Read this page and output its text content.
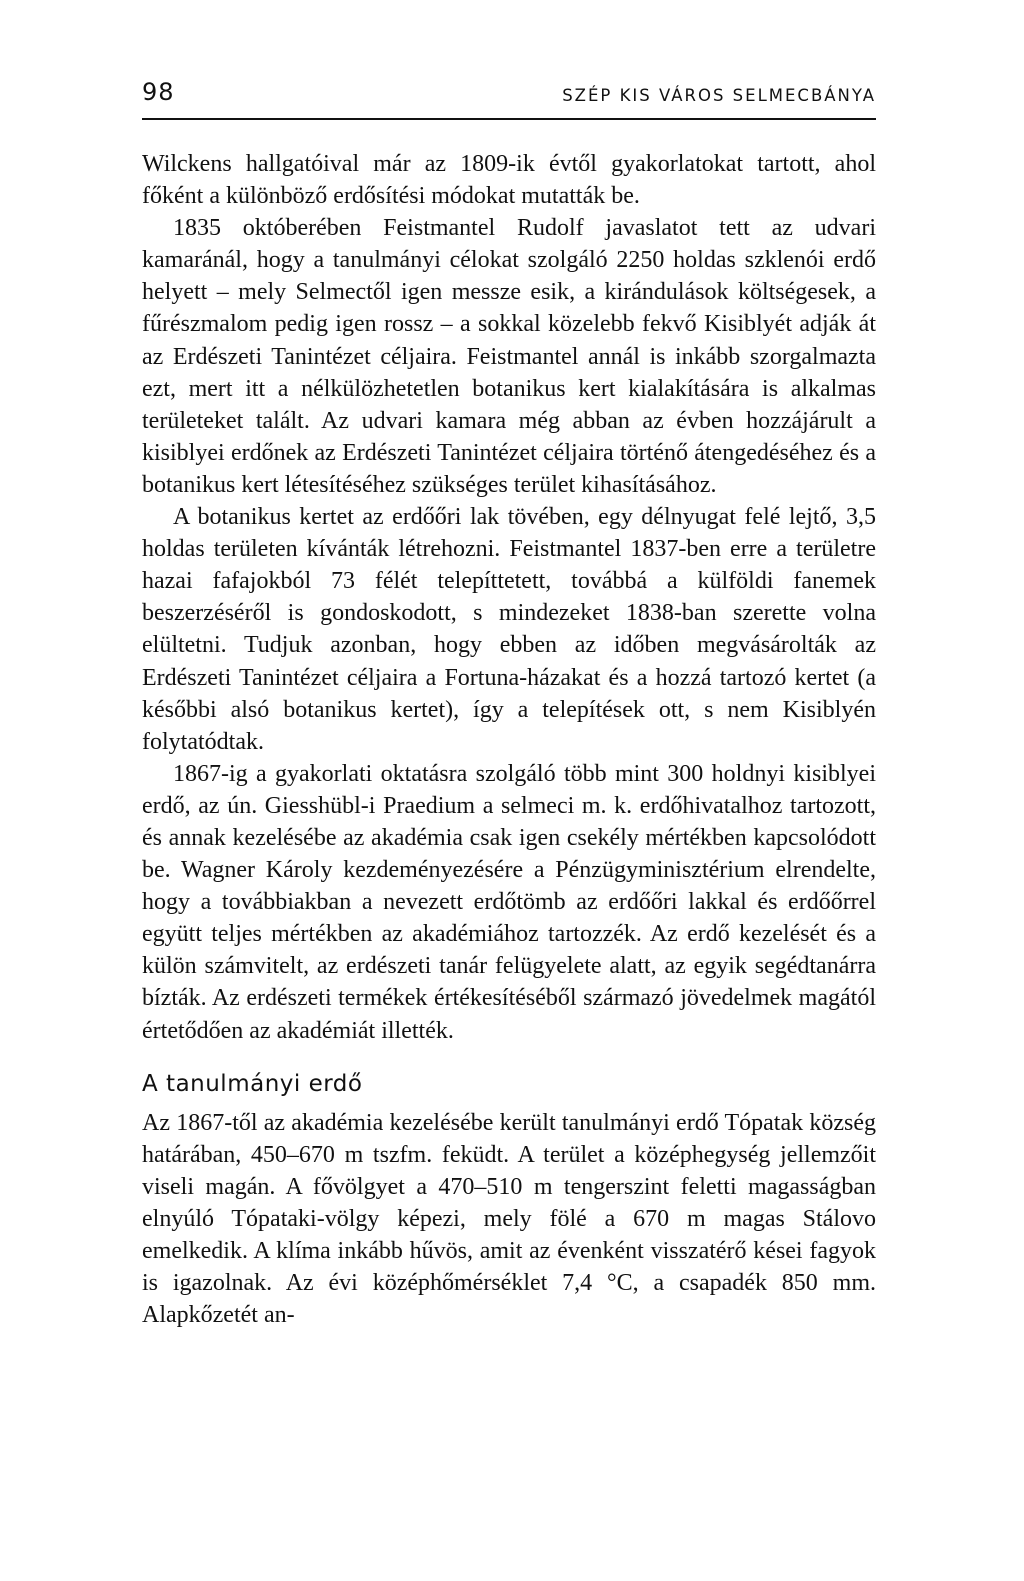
98	SZÉP KIS VÁROS SELMECBÁNYA

Wilckens hallgatóival már az 1809-ik évtől gyakorlatokat tartott, ahol főként a különböző erdősítési módokat mutatták be.

1835 októberében Feistmantel Rudolf javaslatot tett az udvari kamaránál, hogy a tanulmányi célokat szolgáló 2250 holdas szklenói erdő helyett – mely Selmectől igen messze esik, a kirándulások költségesek, a fűrészmalom pedig igen rossz – a sokkal közelebb fekvő Kisiblyét adják át az Erdészeti Tanintézet céljaira. Feistmantel annál is inkább szorgalmazta ezt, mert itt a nélkülözhetetlen botanikus kert kialakítására is alkalmas területeket talált. Az udvari kamara még abban az évben hozzájárult a kisiblyei erdőnek az Erdészeti Tanintézet céljaira történő átengedéséhez és a botanikus kert létesítéséhez szükséges terület kihasításához.

A botanikus kertet az erdőőri lak tövében, egy délnyugat felé lejtő, 3,5 holdas területen kívánták létrehozni. Feistmantel 1837-ben erre a területre hazai fafajokból 73 félét telepíttetett, továbbá a külföldi fanemek beszerzéséről is gondoskodott, s mindezeket 1838-ban szerette volna elültetni. Tudjuk azonban, hogy ebben az időben megvásárolták az Erdészeti Tanintézet céljaira a Fortuna-házakat és a hozzá tartozó kertet (a későbbi alsó botanikus kertet), így a telepítések ott, s nem Kisiblyén folytatódtak.

1867-ig a gyakorlati oktatásra szolgáló több mint 300 holdnyi kisiblyei erdő, az ún. Giesshübl-i Praedium a selmeci m. k. erdőhivatalhoz tartozott, és annak kezelésébe az akadémia csak igen csekély mértékben kapcsolódott be. Wagner Károly kezdeményezésére a Pénzügyminisztérium elrendelte, hogy a továbbiakban a nevezett erdőtömb az erdőőri lakkal és erdőőrrel együtt teljes mértékben az akadémiához tartozzék. Az erdő kezelését és a külön számvitelt, az erdészeti tanár felügyelete alatt, az egyik segédtanárra bízták. Az erdészeti termékek értékesítéséből származó jövedelmek magától értetődően az akadémiát illették.

A tanulmányi erdő

Az 1867-től az akadémia kezelésébe került tanulmányi erdő Tópatak község határában, 450–670 m tszfm. feküdt. A terület a középhegység jellemzőit viseli magán. A fővölgyet a 470–510 m tengerszint feletti magasságban elnyúló Tópataki-völgy képezi, mely fölé a 670 m magas Stálovo emelkedik. A klíma inkább hűvös, amit az évenként visszatérő kései fagyok is igazolnak. Az évi középhőmérséklet 7,4 °C, a csapadék 850 mm. Alapkőzetét an-
